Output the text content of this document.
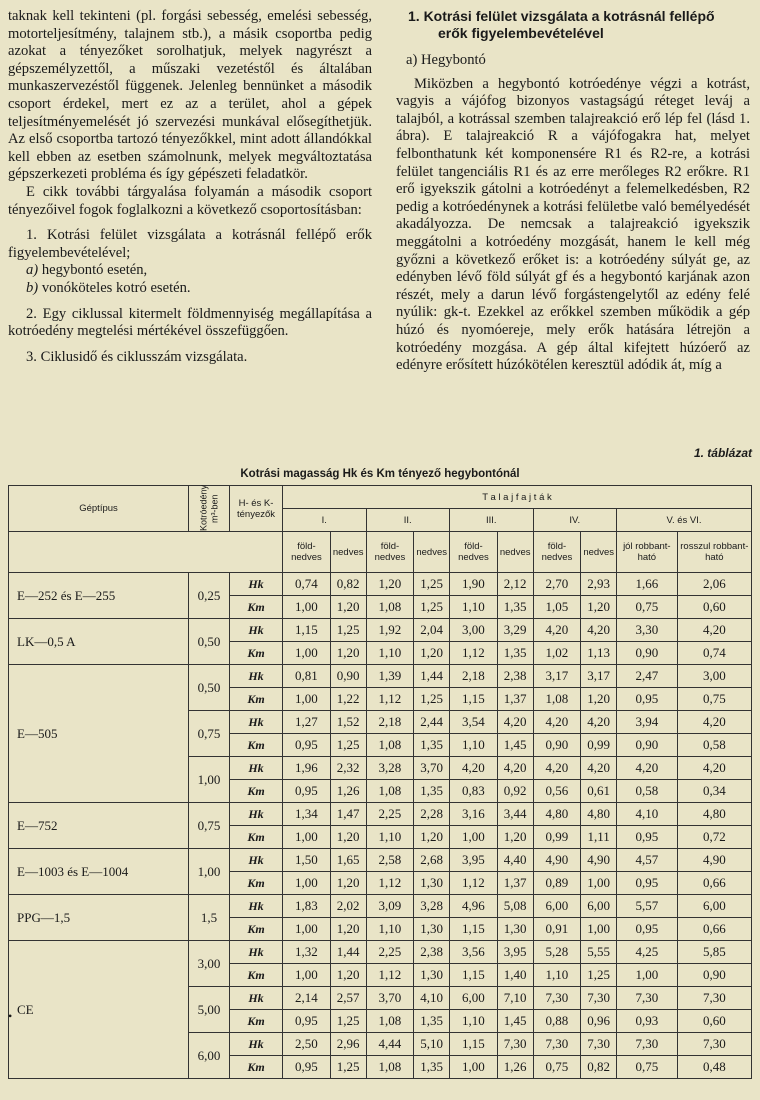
taknak kell tekinteni (pl. forgási sebesség, emelési sebesség, motorteljesítmény, talajnem stb.), a másik csoportba pedig azokat a tényezőket sorolhatjuk, melyek nagyrészt a gépszemélyzettől, a műszaki vezetéstől és általában munkaszervezéstől függenek. Jelenleg bennünket a második csoport érdekel, mert ez az a terület, ahol a gépek teljesítményemelését jó szervezési munkával elősegíthetjük. Az első csoportba tartozó tényezőkkel, mint adott állandókkal kell ebben az esetben számolnunk, melyek megváltoztatása gépszerkezeti probléma és így gépészeti feladatkör.

E cikk további tárgyalása folyamán a második csoport tényezőivel fogok foglalkozni a következő csoportosításban:

1. Kotrási felület vizsgálata a kotrásnál fellépő erők figyelembevételével;

a) hegybontó esetén,

b) vonóköteles kotró esetén.

2. Egy ciklussal kitermelt földmennyiség megállapítása a kotróedény megtelési mértékével összefüggően.

3. Ciklusidő és ciklusszám vizsgálata.

1. Kotrási felület vizsgálata a kotrásnál fellépő
erők figyelembevételével

a) Hegybontó

Miközben a hegybontó kotróedénye végzi a kotrást, vagyis a vájófog bizonyos vastagságú réteget leváj a talajból, a kotrással szemben talajreakció erő lép fel (lásd 1. ábra). E talajreakció R a vájófogakra hat, melyet felbonthatunk két komponensére R1 és R2-re, a kotrási felület tangenciális R1 és az erre merőleges R2 erőkre. R1 erő igyekszik gátolni a kotróedényt a felemelkedésben, R2 pedig a kotróedénynek a kotrási felületbe való bemélyedését akadályozza. De nemcsak a talajreakció igyekszik meggátolni a kotróedény mozgását, hanem le kell még győzni a következő erőket is: a kotróedény súlyát ge, az edényben lévő föld súlyát gf és a hegybontó karjának azon részét, mely a darun lévő forgástengelytől az edény felé nyúlik: gk-t. Ezekkel az erőkkel szemben működik a gép húzó és nyomóereje, mely erők hatására létrejön a kotróedény mozgása. A gép által kifejtett húzóerő az edényre erősített húzókötélen keresztül adódik át, míg a

1. táblázat
Kotrási magasság Hk és Km tényező hegybontónál
Géptípus	Kotróedény m³-ben	H- és K- tényezők	T a l a j f a j t á k									
			I.		II.		III.		IV.		V. és VI.	
			föld-nedves	nedves	föld-nedves	nedves	föld-nedves	nedves	föld-nedves	nedves	jól robbant-ható	rosszul robbant-ható
E—252 és E—255	0,25	Hk	0,74	0,82	1,20	1,25	1,90	2,12	2,70	2,93	1,66	2,06
		Km	1,00	1,20	1,08	1,25	1,10	1,35	1,05	1,20	0,75	0,60
LK—0,5 A	0,50	Hk	1,15	1,25	1,92	2,04	3,00	3,29	4,20	4,20	3,30	4,20
		Km	1,00	1,20	1,10	1,20	1,12	1,35	1,02	1,13	0,90	0,74
E—505	0,50	Hk	0,81	0,90	1,39	1,44	2,18	2,38	3,17	3,17	2,47	3,00
		Km	1,00	1,22	1,12	1,25	1,15	1,37	1,08	1,20	0,95	0,75
	0,75	Hk	1,27	1,52	2,18	2,44	3,54	4,20	4,20	4,20	3,94	4,20
		Km	0,95	1,25	1,08	1,35	1,10	1,45	0,90	0,99	0,90	0,58
	1,00	Hk	1,96	2,32	3,28	3,70	4,20	4,20	4,20	4,20	4,20	4,20
		Km	0,95	1,26	1,08	1,35	0,83	0,92	0,56	0,61	0,58	0,34
E—752	0,75	Hk	1,34	1,47	2,25	2,28	3,16	3,44	4,80	4,80	4,10	4,80
		Km	1,00	1,20	1,10	1,20	1,00	1,20	0,99	1,11	0,95	0,72
E—1003 és E—1004	1,00	Hk	1,50	1,65	2,58	2,68	3,95	4,40	4,90	4,90	4,57	4,90
		Km	1,00	1,20	1,12	1,30	1,12	1,37	0,89	1,00	0,95	0,66
PPG—1,5	1,5	Hk	1,83	2,02	3,09	3,28	4,96	5,08	6,00	6,00	5,57	6,00
		Km	1,00	1,20	1,10	1,30	1,15	1,30	0,91	1,00	0,95	0,66
CE	3,00	Hk	1,32	1,44	2,25	2,38	3,56	3,95	5,28	5,55	4,25	5,85
		Km	1,00	1,20	1,12	1,30	1,15	1,40	1,10	1,25	1,00	0,90
	5,00	Hk	2,14	2,57	3,70	4,10	6,00	7,10	7,30	7,30	7,30	7,30
		Km	0,95	1,25	1,08	1,35	1,10	1,45	0,88	0,96	0,93	0,60
	6,00	Hk	2,50	2,96	4,44	5,10	1,15	7,30	7,30	7,30	7,30	7,30
		Km	0,95	1,25	1,08	1,35	1,00	1,26	0,75	0,82	0,75	0,48
•
